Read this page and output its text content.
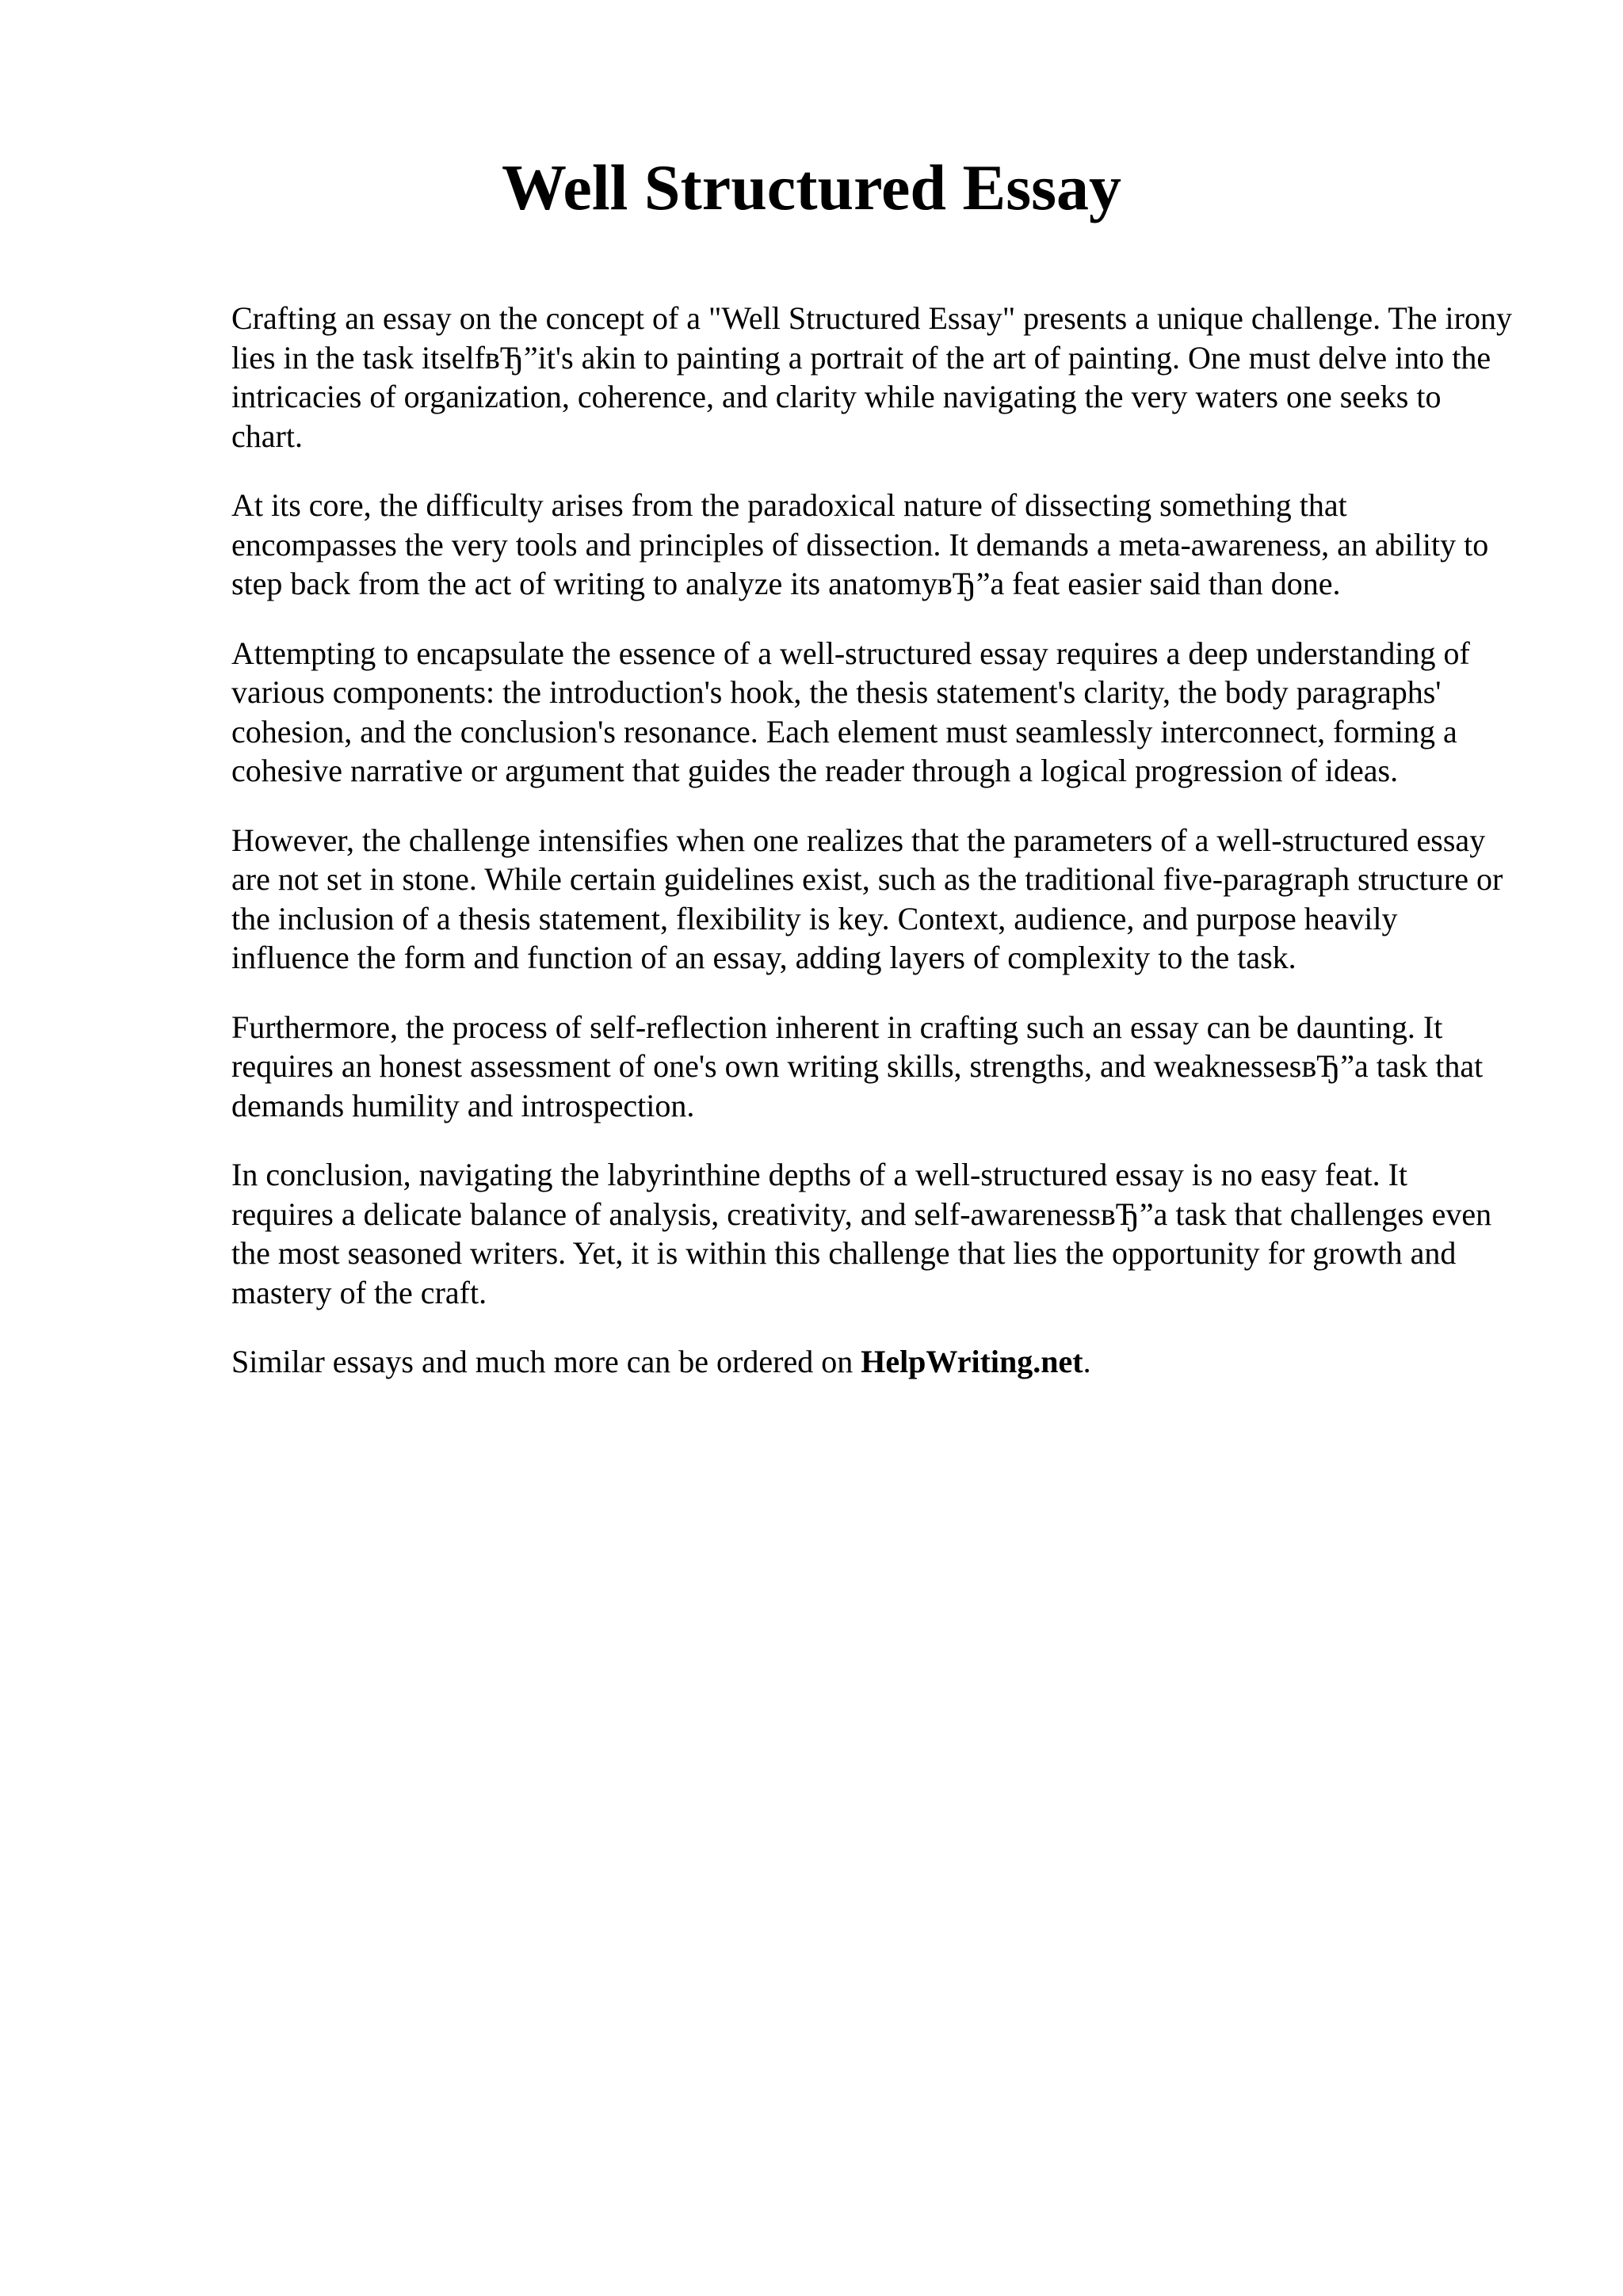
Well Structured Essay

Crafting an essay on the concept of a "Well Structured Essay" presents a unique challenge. The irony lies in the task itselfвЂ”it's akin to painting a portrait of the art of painting. One must delve into the intricacies of organization, coherence, and clarity while navigating the very waters one seeks to chart.

At its core, the difficulty arises from the paradoxical nature of dissecting something that encompasses the very tools and principles of dissection. It demands a meta-awareness, an ability to step back from the act of writing to analyze its anatomyвЂ”a feat easier said than done.

Attempting to encapsulate the essence of a well-structured essay requires a deep understanding of various components: the introduction's hook, the thesis statement's clarity, the body paragraphs' cohesion, and the conclusion's resonance. Each element must seamlessly interconnect, forming a cohesive narrative or argument that guides the reader through a logical progression of ideas.

However, the challenge intensifies when one realizes that the parameters of a well-structured essay are not set in stone. While certain guidelines exist, such as the traditional five-paragraph structure or the inclusion of a thesis statement, flexibility is key. Context, audience, and purpose heavily influence the form and function of an essay, adding layers of complexity to the task.

Furthermore, the process of self-reflection inherent in crafting such an essay can be daunting. It requires an honest assessment of one's own writing skills, strengths, and weaknessesвЂ”a task that demands humility and introspection.

In conclusion, navigating the labyrinthine depths of a well-structured essay is no easy feat. It requires a delicate balance of analysis, creativity, and self-awarenessвЂ”a task that challenges even the most seasoned writers. Yet, it is within this challenge that lies the opportunity for growth and mastery of the craft.

Similar essays and much more can be ordered on HelpWriting.net.
